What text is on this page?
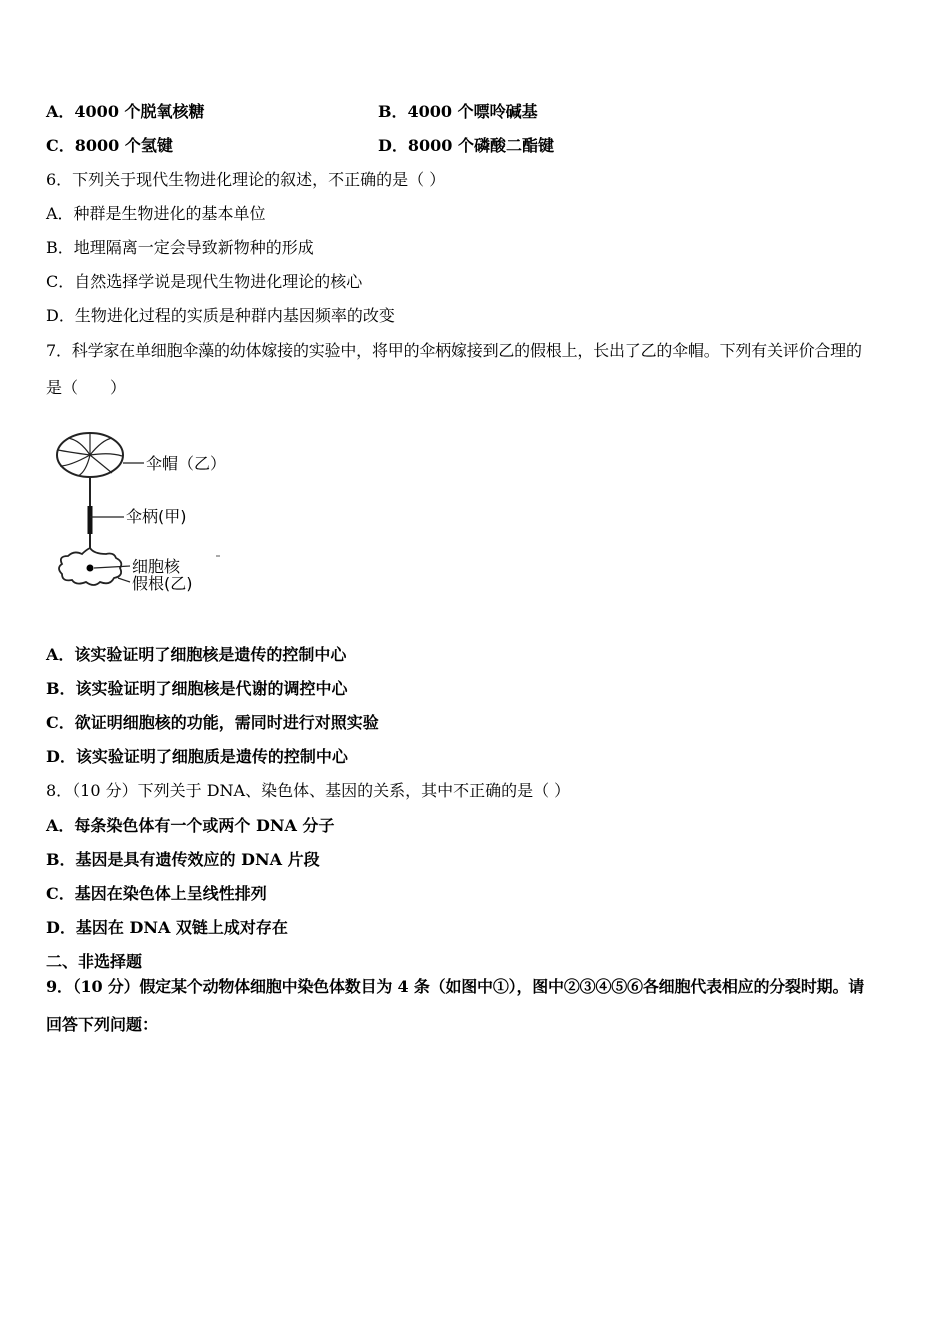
A．4000 个脱氧核糖	B．4000 个嘌呤碱基
C．8000 个氢键	D．8000 个磷酸二酯键
6．下列关于现代生物进化理论的叙述，不正确的是（ ）
A．种群是生物进化的基本单位
B．地理隔离一定会导致新物种的形成
C．自然选择学说是现代生物进化理论的核心
D．生物进化过程的实质是种群内基因频率的改变
7．科学家在单细胞伞藻的幼体嫁接的实验中，将甲的伞柄嫁接到乙的假根上，长出了乙的伞帽。下列有关评价合理的
是（　　）
伞帽（乙）
伞柄(甲)
细胞核
假根(乙)
A．该实验证明了细胞核是遗传的控制中心
B．该实验证明了细胞核是代谢的调控中心
C．欲证明细胞核的功能，需同时进行对照实验
D．该实验证明了细胞质是遗传的控制中心
8．（10 分）下列关于 DNA、染色体、基因的关系，其中不正确的是（ ）
A．每条染色体有一个或两个 DNA 分子
B．基因是具有遗传效应的 DNA 片段
C．基因在染色体上呈线性排列
D．基因在 DNA 双链上成对存在
二、非选择题
9．（10 分）假定某个动物体细胞中染色体数目为 4 条（如图中①），图中②③④⑤⑥各细胞代表相应的分裂时期。请
回答下列问题：
